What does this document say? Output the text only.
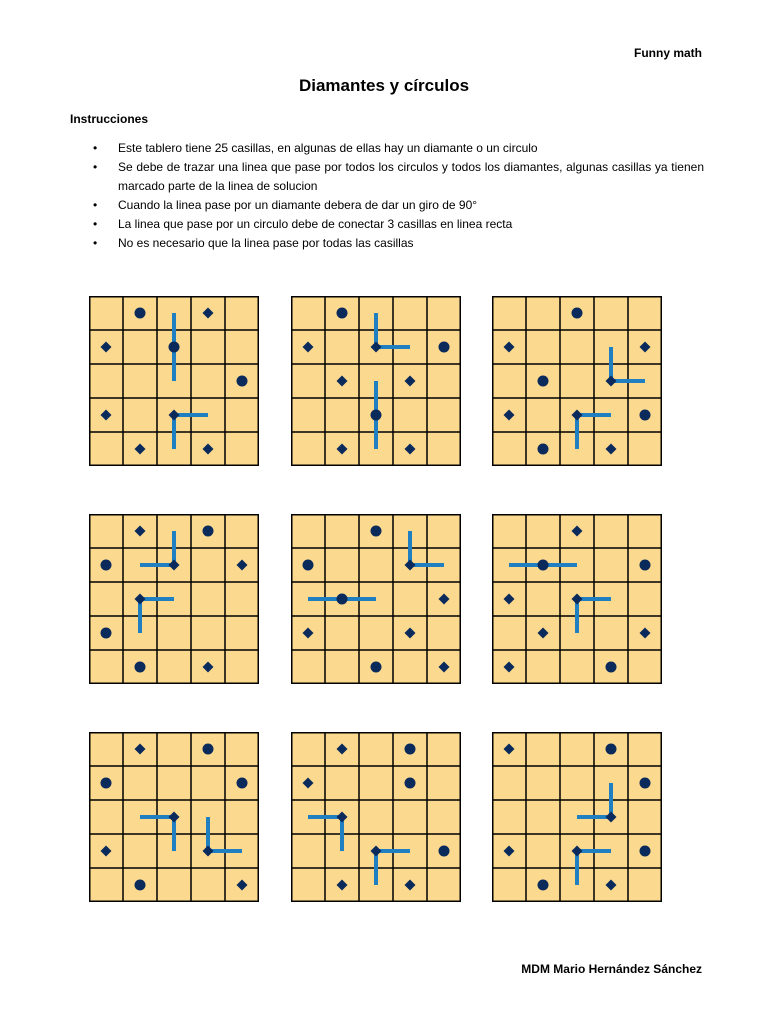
Funny math
Diamantes y círculos
Instrucciones
• Este tablero tiene 25 casillas, en algunas de ellas hay un diamante o un circulo
• Se debe de trazar una linea que pase por todos los circulos y todos los diamantes, algunas casillas ya tienen marcado parte de la linea de solucion
• Cuando la linea pase por un diamante debera de dar un giro de 90°
• La linea que pase por un circulo debe de conectar 3 casillas en linea recta
• No es necesario que la linea pase por todas las casillas
MDM Mario Hernández Sánchez
